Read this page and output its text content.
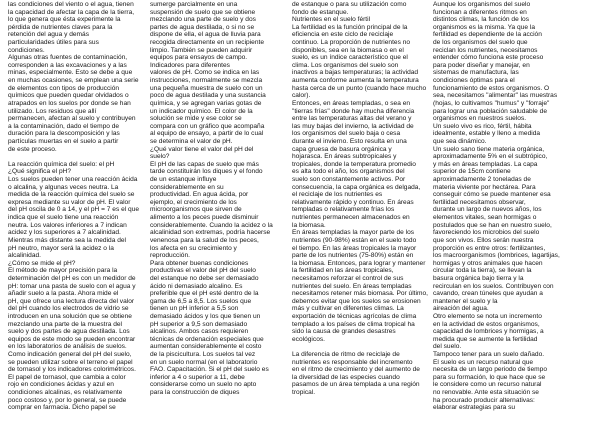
las condiciones del viento o el agua, tienen
la capacidad de afectar la capa de la tierra,
lo que genera que ésta experimente la
pérdida de nutrientes claves para la
retención del agua y demás
particularidades útiles para sus
condiciones.
Algunas otras fuentes de contaminación,
corresponden a las excavaciones y a las
minas, especialmente. Esto se debe a que
en muchas ocasiones, se emplean una serie
de elementos con tipos de producción
químicos que pueden quedar olvidados o
atrapados en los suelos por donde se han
utilizado. Los residuos que allí
permanecen, afectan al suelo y contribuyen
a la contaminación, dado el tiempo de
duración para la descomposición y las
partículas muertas en el suelo a partir
de este proceso.
La reacción química del suelo: el pH
¿Qué significa el pH?
Los suelos pueden tener una reacción ácida
o alcalina, y algunas veces neutra. La
medida de la reacción química del suelo se
expresa mediante su valor de pH. El valor
del pH oscila de 0 a 14, y el pH = 7 es el que
indica que el suelo tiene una reacción
neutra. Los valores inferiores a 7 indican
acidez y los superiores a 7 alcalinidad.
Mientras más distante sea la medida del
pH neutro, mayor será la acidez o la
alcalinidad.
¿Cómo se mide el pH?
El método de mayor precisión para la
determinación del pH es con un medidor de
pH: tomar una pasta de suelo con el agua y
añadir suelo a la pasta. Ahora mide el
pH, que ofrece una lectura directa del valor
del pH cuando los electrodos de vidrio se
introducen en una solución que se obtiene
mezclando una parte de la muestra del
suelo y dos partes de agua destilada. Los
equipos de este modo se pueden encontrar
en los laboratorios de análisis de suelos.
Como indicación general del pH del suelo,
se pueden utilizar sobre el terreno el papel
de tornasol y los indicadores colorimétricos.
El papel de tornasol, que cambia a color
rojo en condiciones ácidas y azul en
condiciones alcalinas, es relativamente
poco costoso y, por lo general, se puede
comprar en farmacia. Dicho papel se
sumerge parcialmente en una
suspensión de suelo que se obtiene
mezclando una parte de suelo y dos
partes de agua destilada, o si no se
dispone de ella, el agua de lluvia para
recogida directamente en un recipiente
limpio. También se pueden adquirir
equipos para ensayos de campo.
Indicadores para diferentes
valores de pH. Como se indica en las
instrucciones, normalmente se mezcla
una pequeña muestra de suelo con un
poco de agua destilada y una sustancia
química, y se agregan varias gotas de
un indicador químico. El color de la
solución se mide y ese color se
compara con un gráfico que acompaña
al equipo de ensayo, a partir de lo cual
se determina el valor de pH.
¿Qué valor tiene el valor del pH del
suelo?
El pH de las capas de suelo que más
tarde constituirán los diques y el fondo
de un estanque influye
considerablemente en su
productividad. En agua ácida, por
ejemplo, el crecimiento de los
microorganismos que sirven de
alimento a los peces puede disminuir
considerablemente. Cuando la acidez o la
alcalinidad son extremas, podría hacerse
venenosa para la salud de los peces,
los afecta en su crecimiento y
reproducción.
Para obtener buenas condiciones
productivas el valor del pH del suelo
del estanque no debe ser demasiado
ácido ni demasiado alcalino. Es
preferible que el pH esté dentro de la
gama de 6,5 a 8,5. Los suelos que
tienen un pH inferior a 5,5 son
demasiado ácidos y los que tienen un
pH superior a 9,5 son demasiado
alcalinos. Ambos casos requieren
técnicas de ordenación especiales que
aumentan considerablemente el costo
de la piscicultura. Los suelos tal vez
en un suelo normal (en el laboratorio
FAO. Capacitación. Si el pH del suelo es
inferior a 4 o superior a 11, debe
considerarse como un suelo no apto
para la construcción de diques
de estanque o para su utilización como
fondo de estanque.
Nutrientes en el suelo fértil
La fertilidad es la función principal de la
eficiencia en este ciclo de reciclaje
continuo. La proporción de nutrientes no
disponibles, sea en la biomasa o en el
suelo, es un índice característico que el
clima. Los organismos del suelo son
inactivos a bajas temperaturas; la actividad
aumenta conforme aumenta la temperatura
hasta cerca de un punto (cuando hace mucho
calor).
Entonces, en áreas templadas, o sea en
"tierras frías" donde hay mucha diferencia
entre las temperaturas altas del verano y
las muy bajas del invierno, la actividad de
los organismos del suelo baja o cesa
durante el invierno. Esto resulta en una
capa gruesa de basura orgánica y
hojarasca. En áreas subtropicales y
tropicales, donde la temperatura promedio
es alta todo el año, los organismos del
suelo son constantemente activos. Por
consecuencia, la capa orgánica es delgada,
el reciclaje de los nutrientes es
relativamente rápido y continuo. En áreas
templadas o relativamente frías los
nutrientes permanecen almacenados en
la biomasa.
En áreas templadas la mayor parte de los
nutrientes (90-98%) están en el suelo todo
el tiempo. En las áreas tropicales la mayor
parte de los nutrientes (75-80%) están en
la biomasa. Entonces, para lograr y mantener
la fertilidad en las áreas tropicales,
necesitamos reforzar el control de sus
nutrientes del suelo. En áreas templadas
necesitamos retener más biomasa. Por último,
debemos evitar que los suelos se erosionen
más y cultivar en diferentes climas. La
exportación de técnicas agrícolas de clima
templado a los países de clima tropical ha
sido la causa de grandes desastres
ecológicos.
La diferencia de ritmo de reciclaje de
nutrientes es responsable del incremento
en el ritmo de crecimiento y del aumento de
la diversidad de las especies cuando
pasamos de un área templada a una región
tropical.
Aunque los organismos del suelo
funcionan a diferentes ritmos en
distintos climas, la función de los
organismos es la misma. Ya que la
fertilidad es dependiente de la acción
de los organismos del suelo que
reciclan los nutrientes, necesitamos
entender cómo funciona este proceso
para poder diseñar y manejar, en
sistemas de manufactura, las
condiciones óptimas para el
funcionamiento de estos organismos. O
sea, necesitamos "alimentar" las muestras
(hojas, lo cultivamos "humus" y "forraje"
para lograr una población saludable de
organismos en nuestros suelos.
Un suelo vivo es rico, fértil, hábita
idealmente, estable y lleno a medida
que sea dinámico.
Un suelo sano tiene materia orgánica,
aproximadamente 5% en el subtrópico,
y más en áreas templadas. La capa
superior de 15cm contiene
aproximadamente 2 toneladas de
materia viviente por hectárea. Para
conseguir cómo se puede mantener esa
fertilidad necesitamos observar,
durante un largo de nuevos años, los
elementos vitales, sean hormigas o
postulados que se han en nuestro suelo,
favoreciendo los microbios del suelo
que son vivos. Ellos serán nuestra
proporción es entre otros: fertilizantes,
los macroorganismos (lombrices, lagartijas,
hormigas y otros animales que hacen
circular toda la tierra), se llevan la
basura orgánica bajo tierra y la
recirculan en los suelos. Contribuyen con
cavando, crean túneles que ayudan a
mantener el suelo y la
aireación del agua.
Otro elemento se nota un incremento
en la actividad de estos organismos,
capacidad de lombrices y hormigas, a
medida que se aumente la fertilidad
del suelo.
Tampoco tener para un suelo dañado.
El suelo es un recurso natural que
necesita de un largo periodo de tiempo
para su formación, lo que hace que se
le considere como un recurso natural
no renovable. Ante esta situación se
ha procurado producir alternativas:
elaborar estrategias para su
